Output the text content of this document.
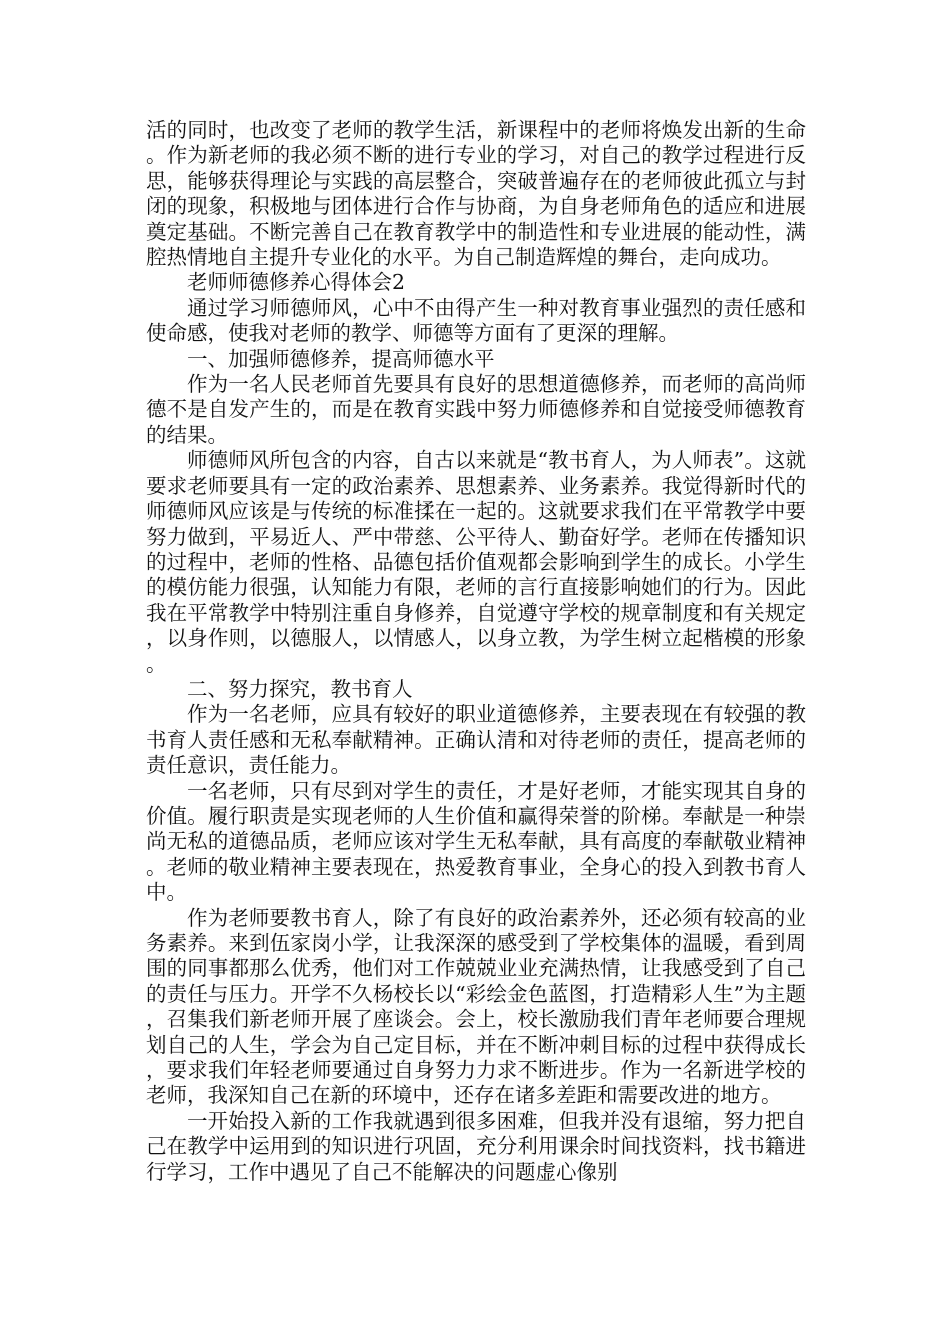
活的同时，也改变了老师的教学生活，新课程中的老师将焕发出新的生命。作为新老师的我必须不断的进行专业的学习，对自己的教学过程进行反思，能够获得理论与实践的高层整合，突破普遍存在的老师彼此孤立与封闭的现象，积极地与团体进行合作与协商，为自身老师角色的适应和进展奠定基础。不断完善自己在教育教学中的制造性和专业进展的能动性，满腔热情地自主提升专业化的水平。为自己制造辉煌的舞台，走向成功。

老师师德修养心得体会2

通过学习师德师风，心中不由得产生一种对教育事业强烈的责任感和使命感，使我对老师的教学、师德等方面有了更深的理解。

一、加强师德修养，提高师德水平

作为一名人民老师首先要具有良好的思想道德修养，而老师的高尚师德不是自发产生的，而是在教育实践中努力师德修养和自觉接受师德教育的结果。

师德师风所包含的内容，自古以来就是“教书育人，为人师表”。这就要求老师要具有一定的政治素养、思想素养、业务素养。我觉得新时代的师德师风应该是与传统的标准揉在一起的。这就要求我们在平常教学中要努力做到，平易近人、严中带慈、公平待人、勤奋好学。老师在传播知识的过程中，老师的性格、品德包括价值观都会影响到学生的成长。小学生的模仿能力很强，认知能力有限，老师的言行直接影响她们的行为。因此我在平常教学中特别注重自身修养，自觉遵守学校的规章制度和有关规定，以身作则，以德服人，以情感人，以身立教，为学生树立起楷模的形象。

二、努力探究，教书育人

作为一名老师，应具有较好的职业道德修养，主要表现在有较强的教书育人责任感和无私奉献精神。正确认清和对待老师的责任，提高老师的责任意识，责任能力。

一名老师，只有尽到对学生的责任，才是好老师，才能实现其自身的价值。履行职责是实现老师的人生价值和赢得荣誉的阶梯。奉献是一种崇尚无私的道德品质，老师应该对学生无私奉献，具有高度的奉献敬业精神。老师的敬业精神主要表现在，热爱教育事业，全身心的投入到教书育人中。

作为老师要教书育人，除了有良好的政治素养外，还必须有较高的业务素养。来到伍家岗小学，让我深深的感受到了学校集体的温暖，看到周围的同事都那么优秀，他们对工作兢兢业业充满热情，让我感受到了自己的责任与压力。开学不久杨校长以“彩绘金色蓝图，打造精彩人生”为主题，召集我们新老师开展了座谈会。会上，校长激励我们青年老师要合理规划自己的人生，学会为自己定目标，并在不断冲刺目标的过程中获得成长，要求我们年轻老师要通过自身努力力求不断进步。作为一名新进学校的老师，我深知自己在新的环境中，还存在诸多差距和需要改进的地方。

一开始投入新的工作我就遇到很多困难，但我并没有退缩，努力把自己在教学中运用到的知识进行巩固，充分利用课余时间找资料，找书籍进行学习，工作中遇见了自己不能解决的问题虚心像别
